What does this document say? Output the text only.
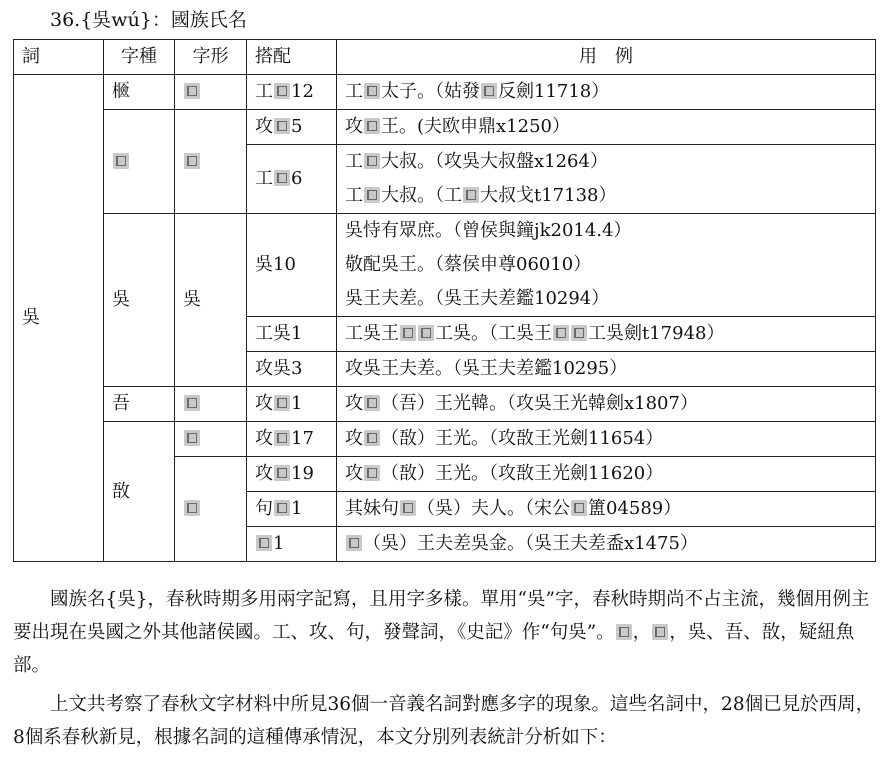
36.{吳wú}：國族氏名
詞	字種	字形	搭配	用　例
吳	𣞘		工 12	工 太子。（姑發 反劍11718）

			攻 5	攻 王。(夫欧申鼎x1250）

			工 6	工 大叔。（攻吳大叔盤x1264）
工 大叔。（工 大叔戈t17138）

	吳	吳	吳10	吳恃有眾庶。（曾侯與鐘jk2014.4）
敬配吳王。（蔡侯申尊06010）
吳王夫差。（吳王夫差鑑10294）

			工吳1	工吳王 工吳。（工吳王 工吳劍t17948）

			攻吳3	攻吳王夫差。（吳王夫差鑑10295）

	吾		攻 1	攻 （吾）王光韓。（攻吳王光韓劍x1807）

	敔		攻 17	攻 （敔）王光。（攻敔王光劍11654）

			攻 19	攻 （敔）王光。（攻敔王光劍11620）

			句 1	其妹句 （吳）夫人。（宋公 簠04589）

			1	（吳）王夫差吳金。（吳王夫差盉x1475）
國族名{吳}，春秋時期多用兩字記寫，且用字多樣。單用“吳”字，春秋時期尚不占主流，幾個用例主要出現在吳國之外其他諸侯國。工、攻、句，發聲詞，《史記》作“句吳”。 ， ，吳、吾、敔，疑紐魚部。
上文共考察了春秋文字材料中所見36個一音義名詞對應多字的現象。這些名詞中，28個已見於西周，8個系春秋新見，根據名詞的這種傳承情況，本文分別列表統計分析如下：
